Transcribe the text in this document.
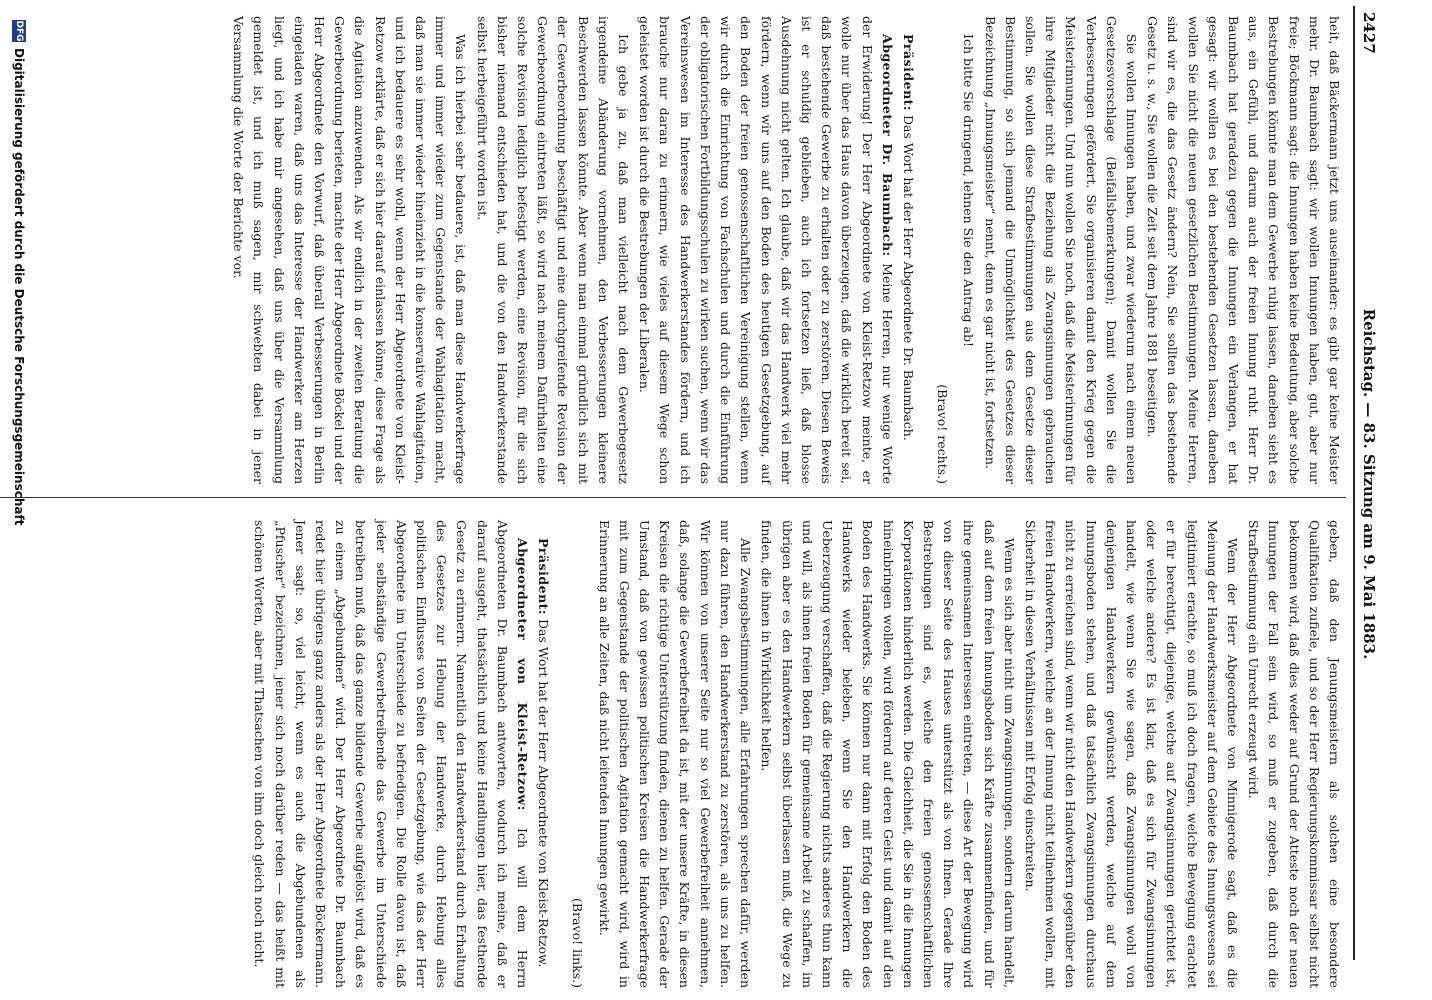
2427
Reichstag. — 83. Sitzung am 9. Mai 1883.

heit, daß Bäckermann jetzt uns auseinander: es gibt gar keine Meister mehr. Dr. Baumbach sagt: wir wollen Innungen haben, gut, aber nur freie; Böckmann sagt: die Innungen haben keine Bedeutung, aber solche Bestrebungen könnte man dem Gewerbe ruhig lassen, daneben sieht es aus, ein Gefühl, und darum auch der freien Innung ruht. Herr Dr. Baumbach hat geradezu gegen die Innungen ein Verlangen, er hat gesagt: wir wollen es bei den bestehenden Gesetzen lassen, daneben wollen Sie nicht die neuen gesetzlichen Bestimmungen. Meine Herren, sind wir es, die das Gesetz ändern? Nein, Sie sollten das bestehende Gesetz u. s. w., Sie wollen die Zeit seit dem Jahre 1881 beseitigen.

Sie wollen Innungen haben, und zwar wiederum nach einem neuen Gesetzesvorschlage (Beifallsbemerkungen); Damit wollen Sie die Verbesserungen gefördert. Sie organisieren damit den Krieg gegen die Meisterinnungen. Und nun wollen Sie noch, daß die Meisterinnungen für ihre Mitglieder nicht die Beziehung als Zwangsinnungen gebrauchen sollen. Sie wollen diese Strafbestimmungen aus dem Gesetze dieser Bestimmung, so sich jemand die Unmöglichkeit des Gesetzes dieser Bezeichnung „Innungsmeister“ nennt, denn es gar nicht ist, fortsetzen.

Ich bitte Sie dringend, lehnen Sie den Antrag ab!

(Bravo! rechts.)

Präsident: Das Wort hat der Herr Abgeordnete Dr. Baumbach.

Abgeordneter Dr. Baumbach: Meine Herren, nur wenige Worte der Erwiderung! Der Herr Abgeordnete von Kleist-Retzow meinte, er wolle nur über das Haus davon überzeugen, daß die wirklich bereit sei, daß bestehende Gewerbe zu erhalten oder zu zerstören. Diesen Beweis ist er schuldig geblieben, auch ich fortsetzen ließ, daß blosse Ausdehnung nicht gelten. Ich glaube, daß wir das Handwerk viel mehr fördern, wenn wir uns auf den Boden des heutigen Gesetzgebung, auf den Boden der freien genossenschaftlichen Vereinigung stellen, wenn wir durch die Einrichtung von Fachschulen und durch die Einführung der obligatorischen Fortbildungsschulen zu wirken suchen, wenn wir das Vereinswesen im Interesse des Handwerkerstandes fördern, und ich brauche nur daran zu erinnern, wie vieles auf diesem Wege schon geleistet worden ist durch die Bestrebungen der Liberalen.

Ich gebe ja zu, daß man vielleicht nach dem Gewerbegesetz irgendeine Abänderung vornehmen, den Verbesserungen kleinere Beschwerden lassen könnte. Aber wenn man einmal gründlich sich mit der Gewerbeordnung beschäftigt und eine durchgreifende Revision der Gewerbeordnung eintreten läßt, so wird nach meinem Dafürhalten eine solche Revision lediglich befestigt werden, eine Revision, für die sich bisher niemand entschieden hat, und die von den Handwerkerstande selbst herbeigeführt worden ist.

Was ich hierbei sehr bedauere, ist, daß man diese Handwerkerfrage immer und immer wieder zum Gegenstande der Wahlagitation macht, daß man sie immer wieder hineinzieht in die konservative Wahlagitation, und ich bedauere es sehr wohl, wenn der Herr Abgeordnete von Kleist-Retzow erklärte, daß er sich hier darauf einlassen könne, diese Frage als die Agitation anzuwenden. Als wir endlich in der zweiten Beratung die Gewerbeordnung berieten, machte der Herr Abgeordnete Böckel und der Herr Abgeordnete den Vorwurf, daß überall Verbesserungen in Berlin eingeladen waren, daß uns das Interesse der Handwerker am Herzen liegt, und ich habe mir angesehen, daß uns über die Versammlung gemeldet ist, und ich muß sagen, mir schwebten dabei in jener Versammlung die Worte der Berichte vor.

geben, daß den Jenungsmeistern als solchen eine besondere Qualifikation zufiele, und so der Herr Regierungskommissar selbst nicht bekommen wird, daß dies weder auf Grund der Atteste noch der neuen Innungen der Fall sein wird, so muß er zugeben, daß durch die Strafbestimmung ein Unrecht erzeugt wird.

Wenn der Herr Abgeordnete von Minnigerode sagt, daß es die Meinung der Handwerksmeister auf dem Gebiete des Innungswesens sei legitimiert erachte, so muß ich doch fragen, welche Bewegung erachtet er für berechtigt, diejenige, welche auf Zwangsinnungen gerichtet ist, oder welche andere? Es ist klar, daß es sich für Zwangsinnungen handelt, wie wenn Sie wie sagen, daß Zwangsinnungen wohl von denjenigen Handwerkern gewünscht werden, welche auf dem Innungsboden stehen, und daß tatsächlich Zwangsinnungen durchaus nicht zu erreichen sind, wenn wir nicht den Handwerkern gegenüber den freien Handwerkern, welche an der Innung nicht teilnehmen wollen, mit Sicherheit in diesen Verhältnissen mit Erfolg einschreiten.

Wenn es sich aber nicht um Zwangsinnungen, sondern darum handelt, daß auf dem freien Innungsboden sich Kräfte zusammenfinden, und für ihre gemeinsamen Interessen eintreten, — diese Art der Bewegung wird von dieser Seite des Hauses unterstützt als von Ihnen. Gerade Ihre Bestrebungen sind es, welche den freien genossenschaftlichen Korporationen hinderlich werden. Die Gleichheit, die Sie in die Innungen hineinbringen wollen, wird fördernd auf deren Geist und damit auf den Boden des Handwerks. Sie können nur dann mit Erfolg den Boden des Handwerks wieder beleben, wenn Sie den Handwerkern die Ueberzeugung verschaffen, daß die Regierung nichts anderes thun kann und will, als ihnen freien Boden für gemeinsame Arbeit zu schaffen, im übrigen aber es den Handwerkern selbst überlassen muß, die Wege zu finden, die ihnen in Wirklichkeit helfen.

Alle Zwangsbestimmungen, alle Erfahrungen sprechen dafür, werden nur dazu führen, den Handwerkerstand zu zerstören, als uns zu helfen. Wir können von unserer Seite nur so viel Gewerbefreiheit annehmen, daß, solange die Gewerbefreiheit da ist, mit der unsere Kräfte, in diesen Kreisen die richtige Unterstützung finden, dienen zu helfen. Gerade der Umstand, daß von gewissen politischen Kreisen die Handwerkerfrage mit zum Gegenstande der politischen Agitation gemacht wird, wird in Erinnerung an alle Zeiten, daß nicht leitenden Innungen gewirkt.

(Bravo! links.)

Präsident: Das Wort hat der Herr Abgeordnete von Kleist-Retzow.

Abgeordneter von Kleist-Retzow: Ich will dem Herrn Abgeordneten Dr. Baumbach antworten, wodurch ich meine, daß er darauf ausgeht, thatsächlich und keine Handlungen hier, das festhende Gesetz zu erinnern. Namentlich den Handwerkerstand durch Erhaltung des Gesetzes zur Hebung der Handwerke, durch Hebung alles politischen Einflusses von Seiten der Gesetzgebung, wie das der Herr Abgeordnete im Unterschiede zu befriedigen. Die Rolle davon ist, daß jeder selbständige Gewerbetreibende das Gewerbe im Unterschiede betreiben muß, daß das ganze bildende Gewerbe aufgelöst wird, daß es zu einem „Abgebundnen“ wird. Der Herr Abgeordnete Dr. Baumbach redet hier übrigens ganz anders als der Herr Abgeordnete Böckermann. Jener sagt: so, viel leicht, wenn es auch die Abgebundenen als „Pfuscher“ bezeichnen, jener sich noch darüber reden — das heißt mit schönen Worten, aber mit Thatsachen von ihm doch gleich noch nicht.

DFG
Digitalisierung gefördert durch die Deutsche Forschungsgemeinschaft
